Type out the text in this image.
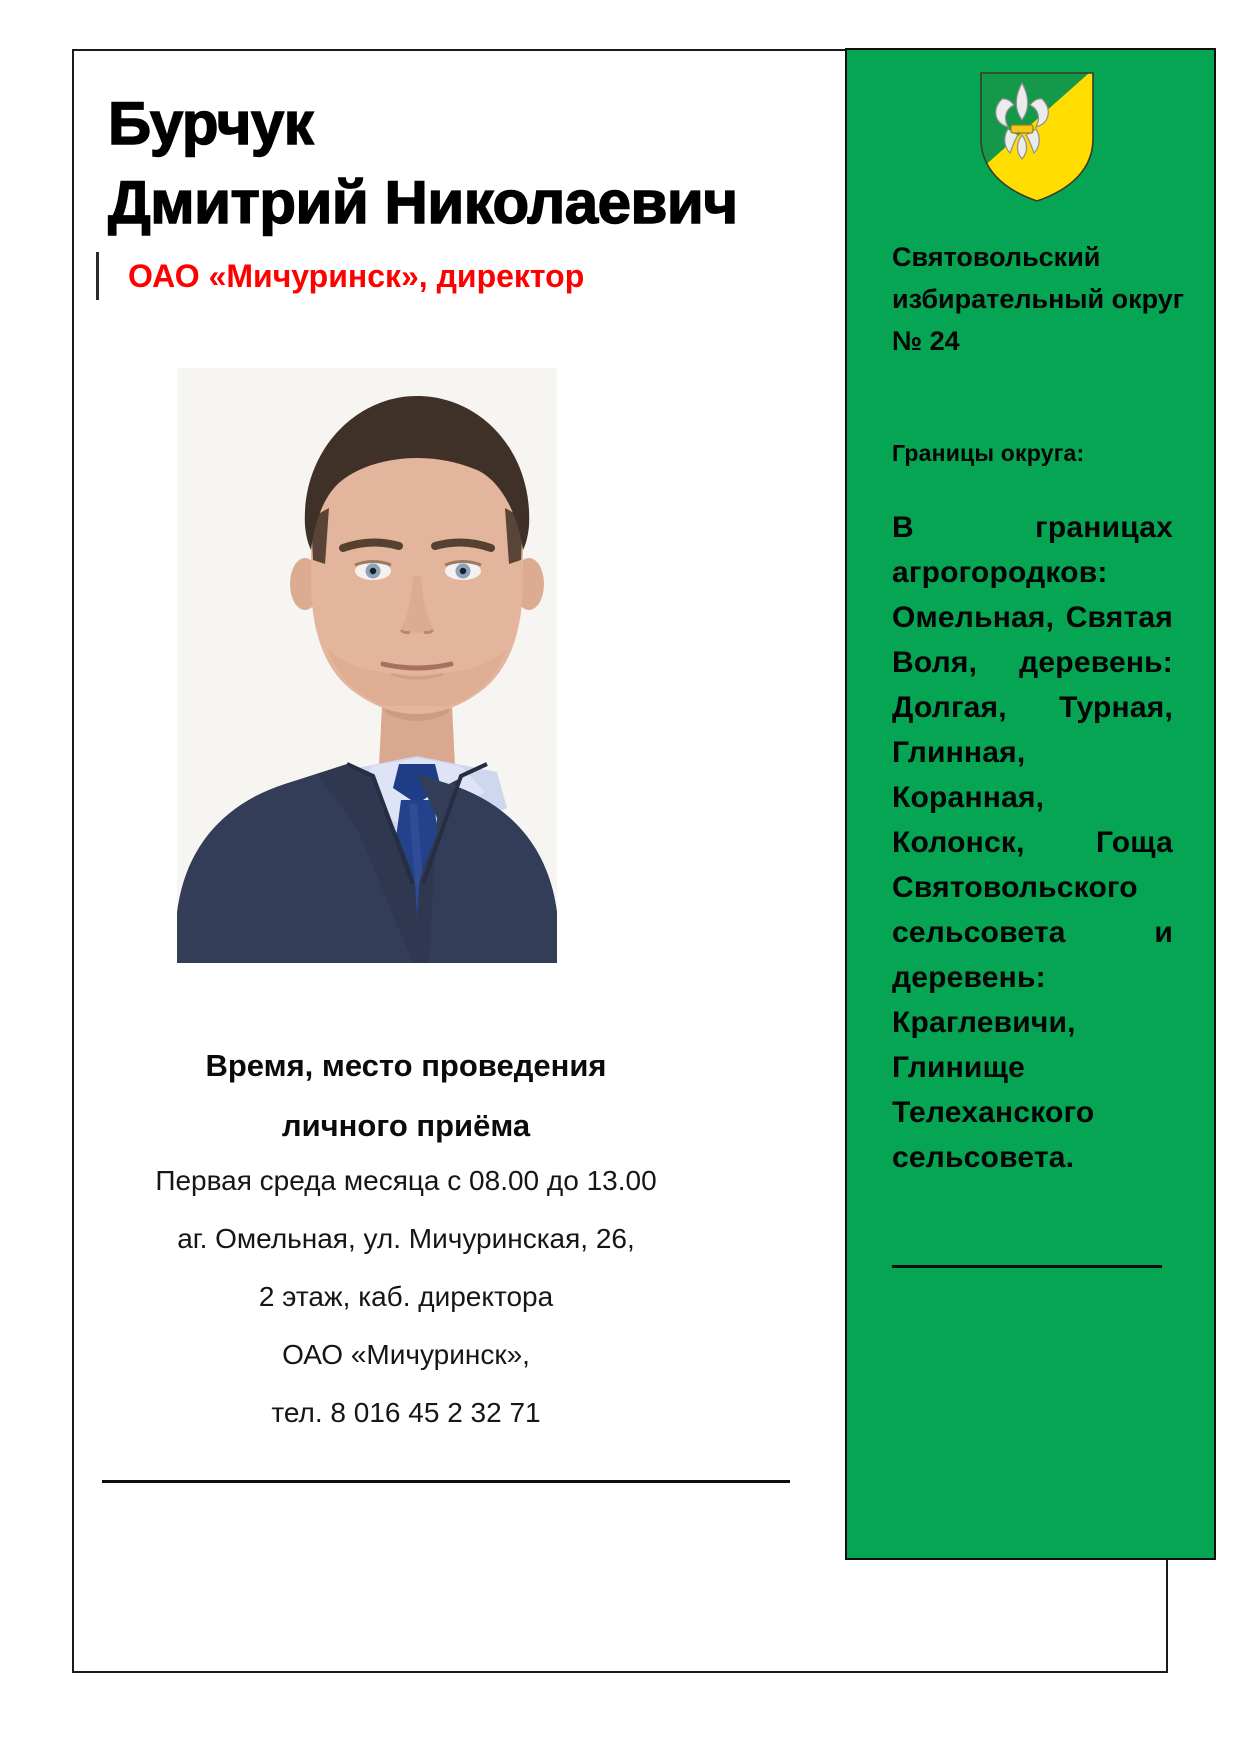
Бурчук
Дмитрий Николаевич
ОАО «Мичуринск», директор
Время, место проведения
личного приёма
Первая среда месяца с 08.00 до 13.00
аг. Омельная, ул. Мичуринская, 26,
2 этаж, каб. директора
ОАО «Мичуринск»,
тел. 8 016 45 2 32 71
Святовольский избирательный округ № 24
Границы округа:
В границах агрогородков: Омельная, Святая Воля, деревень: Долгая, Турная, Глинная, Коранная, Колонск, Гоща Святовольского сельсовета и деревень: Краглевичи, Глинище Телеханского сельсовета.
